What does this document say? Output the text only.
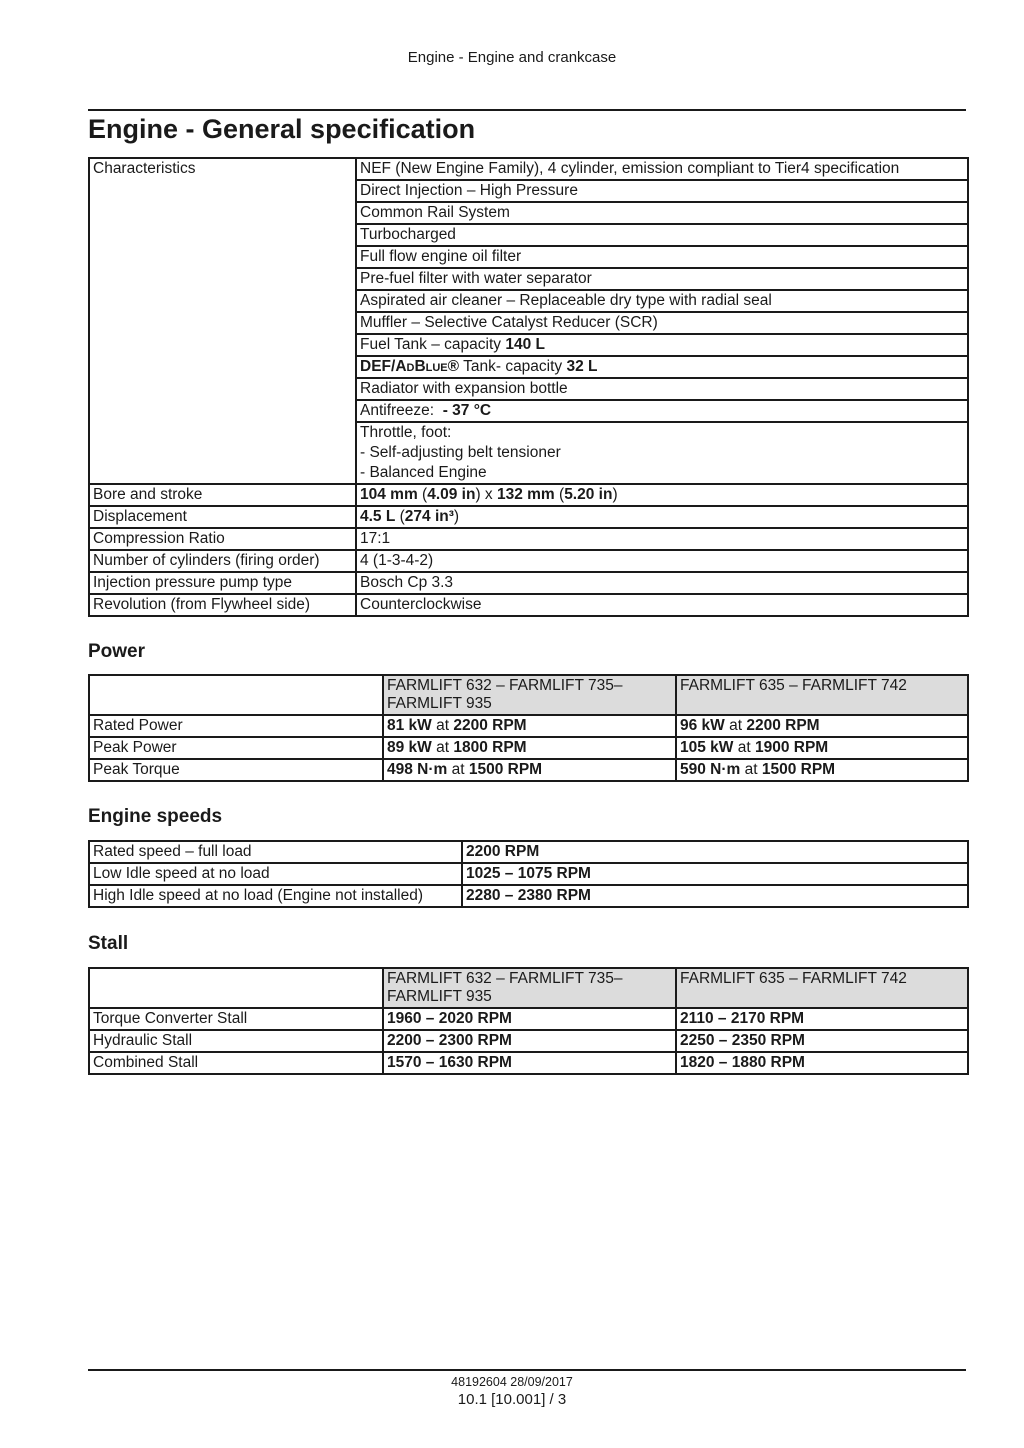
Engine - Engine and crankcase
Engine - General specification
Characteristics	NEF (New Engine Family), 4 cylinder, emission compliant to Tier4 specification
	Direct Injection – High Pressure
	Common Rail System
	Turbocharged
	Full flow engine oil filter
	Pre-fuel filter with water separator
	Aspirated air cleaner – Replaceable dry type with radial seal
	Muffler – Selective Catalyst Reducer (SCR)
	Fuel Tank – capacity 140 L
	DEF/AdBlue® Tank- capacity 32 L
	Radiator with expansion bottle
	Antifreeze:  - 37 °C

	Throttle, foot:
- Self-adjusting belt tensioner
- Balanced Engine

Bore and stroke	104 mm (4.09 in) x 132 mm (5.20 in)
Displacement	4.5 L (274 in³)
Compression Ratio	17:1
Number of cylinders (firing order)	4 (1-3-4-2)
Injection pressure pump type	Bosch Cp 3.3
Revolution (from Flywheel side)	Counterclockwise
Power
	FARMLIFT 632 – FARMLIFT 735– FARMLIFT 935	FARMLIFT 635 – FARMLIFT 742
Rated Power	81 kW at 2200 RPM	96 kW at 2200 RPM
Peak Power	89 kW at 1800 RPM	105 kW at 1900 RPM
Peak Torque	498 N·m at 1500 RPM	590 N·m at 1500 RPM
Engine speeds
Rated speed – full load	2200 RPM
Low Idle speed at no load	1025 – 1075 RPM
High Idle speed at no load (Engine not installed)	2280 – 2380 RPM
Stall
	FARMLIFT 632 – FARMLIFT 735– FARMLIFT 935	FARMLIFT 635 – FARMLIFT 742
Torque Converter Stall	1960 – 2020 RPM	2110 – 2170 RPM
Hydraulic Stall	2200 – 2300 RPM	2250 – 2350 RPM
Combined Stall	1570 – 1630 RPM	1820 – 1880 RPM
48192604 28/09/2017
10.1 [10.001] / 3
